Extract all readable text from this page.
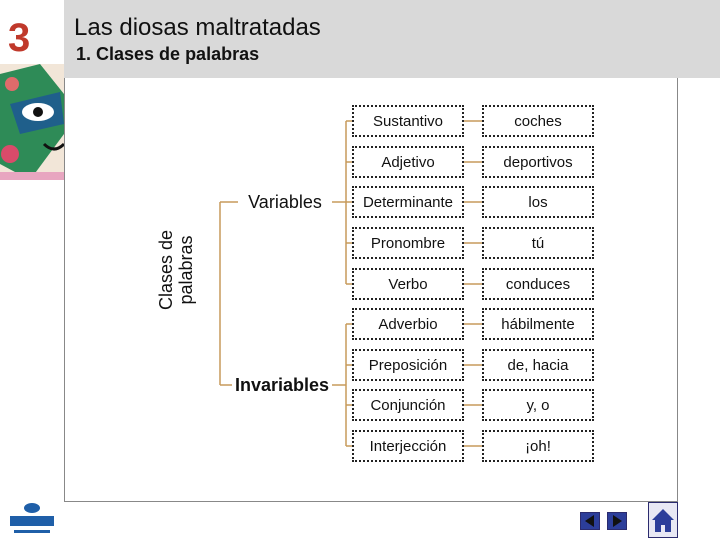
3 Las diosas maltratadas
1. Clases de palabras
Clases de palabras
Variables
Invariables
Sustantivo	coches
Adjetivo	deportivos
Determinante	los
Pronombre	tú
Verbo	conduces
Adverbio	hábilmente
Preposición	de, hacia
Conjunción	y, o
Interjección	¡oh!
